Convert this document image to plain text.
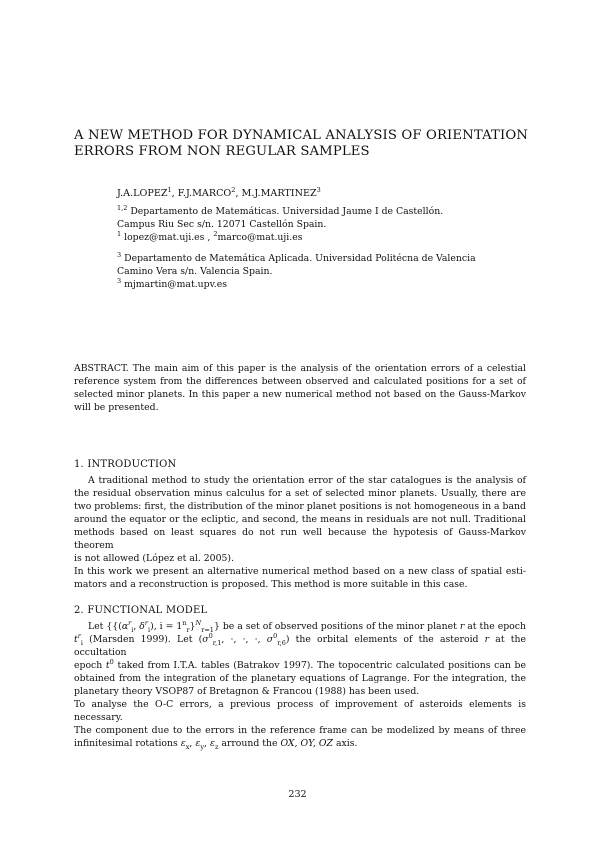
A NEW METHOD FOR DYNAMICAL ANALYSIS OF ORIENTATION
ERRORS FROM NON REGULAR SAMPLES
J.A.LOPEZ$^1$, F.J.MARCO$^2$, M.J.MARTINEZ$^3$
$^{1,2}$ Departamento de Matemáticas. Universidad Jaume I de Castellón.
Campus Riu Sec s/n. 12071 Castellón Spain.
$^1$ lopez@mat.uji.es , $^2$marco@mat.uji.es
$^3$ Departamento de Matemática Aplicada. Universidad Politécna de Valencia
Camino Vera s/n. Valencia Spain.
$^3$ mjmartin@mat.upv.es
ABSTRACT. The main aim of this paper is the analysis of the orientation errors of a celestial
reference system from the differences between observed and calculated positions for a set of
selected minor planets. In this paper a new numerical method not based on the Gauss-Markov
will be presented.
1. INTRODUCTION
A traditional method to study the orientation error of the star catalogues is the analysis of
the residual observation minus calculus for a set of selected minor planets. Usually, there are
two problems: first, the distribution of the minor planet positions is not homogeneous in a band
around the equator or the ecliptic, and second, the means in residuals are not null. Traditional
methods based on least squares do not run well because the hypotesis of Gauss-Markov theorem
is not allowed (López et al. 2005).
In this work we present an alternative numerical method based on a new class of spatial esti-
mators and a reconstruction is proposed. This method is more suitable in this case.
2. FUNCTIONAL MODEL
Let {{($\alpha^r_i$, $\delta^r_i$), $i = 1^n_r\}^N_{r=1}$} be a set of observed positions of the minor planet r at the epoch
$t^r_i$ (Marsden 1999). Let ($\sigma^0_{r,1}$, ·, ·, ·, $\sigma^0_{r,6}$) the orbital elements of the asteroid r at the occultation
epoch $t^0$ taked from I.T.A. tables (Batrakov 1997). The topocentric calculated positions can be
obtained from the integration of the planetary equations of Lagrange. For the integration, the
planetary theory VSOP87 of Bretagnon & Francou (1988) has been used.
To analyse the O-C errors, a previous process of improvement of asteroids elements is necessary.
The component due to the errors in the reference frame can be modelized by means of three
infinitesimal rotations $\varepsilon_x$, $\varepsilon_y$, $\varepsilon_z$ arround the OX, OY, OZ axis.
232
